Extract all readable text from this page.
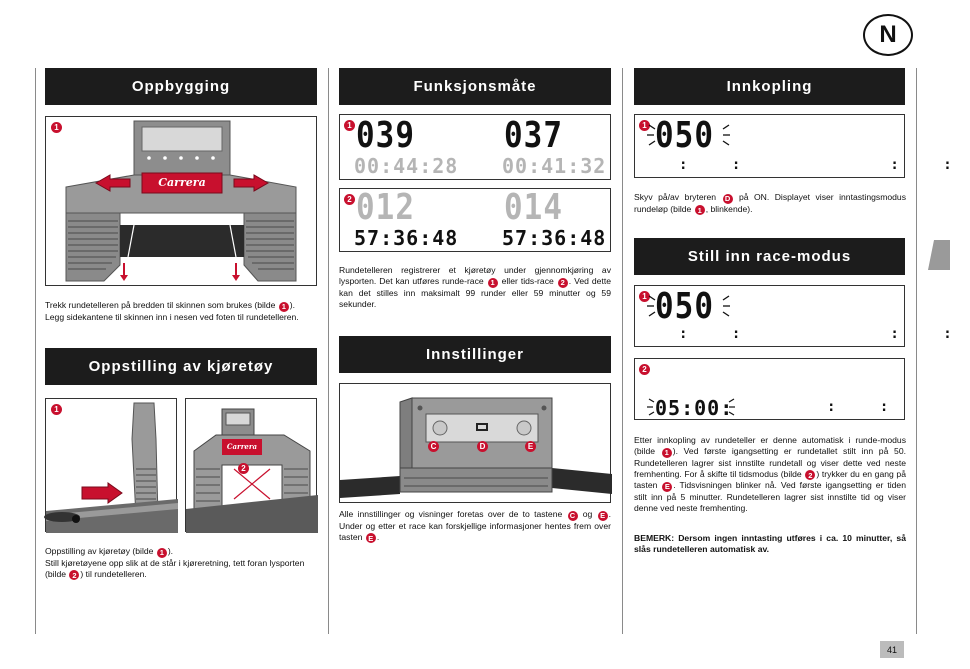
N
Oppbygging
1
Carrera
Trekk rundetelleren på bredden til skinnen som brukes (bilde 1 ).
Legg sidekantene til skinnen inn i nesen ved foten til rundetelleren.
Oppstilling av kjøretøy
1
Carrera
2
Oppstilling av kjøretøy (bilde 1 ).
Still kjøretøyene opp slik at de står i kjøreretning, tett foran lysporten
(bilde 2 ) til rundetelleren.
Funksjonsmåte
1 039	037
00:44:28 00:41:32
2 012	014
57:36:48 57:36:48
Rundetelleren registrerer et kjøretøy under gjennomkjøring av lysporten. Det kan utføres runde-race 1 eller tids-race 2 . Ved dette kan det stilles inn maksimalt 99 runder eller 59 minutter og 59 sekunder.
Innstillinger
C	D	E
Alle innstillinger og visninger foretas over de to tastene C og E . Under og etter et race kan forskjellige informasjoner hentes frem over tasten E .
Innkopling
1 050
: :     : :
Skyv på/av bryteren D på ON. Displayet viser inntastingsmodus rundeløp (bilde 1 , blinkende).
Still inn race-modus
1 050
: :     : :
2
05:00:	: :
Etter innkopling av rundeteller er denne automatisk i runde-modus (bilde 1 ). Ved første igangsetting er rundetallet stilt inn på 50. Rundetelleren lagrer sist innstilte rundetall og viser dette ved neste fremhenting. For å skifte til tidsmodus (bilde 2 ) trykker du en gang på tasten E . Tidsvisningen blinker nå. Ved første igangsetting er tiden stilt inn på 5 minutter. Rundetelleren lagrer sist innstilte tid og viser denne ved neste fremhenting.
BEMERK: Dersom ingen inntasting utføres i ca. 10 minutter, så slås rundetelleren automatisk av.
41
